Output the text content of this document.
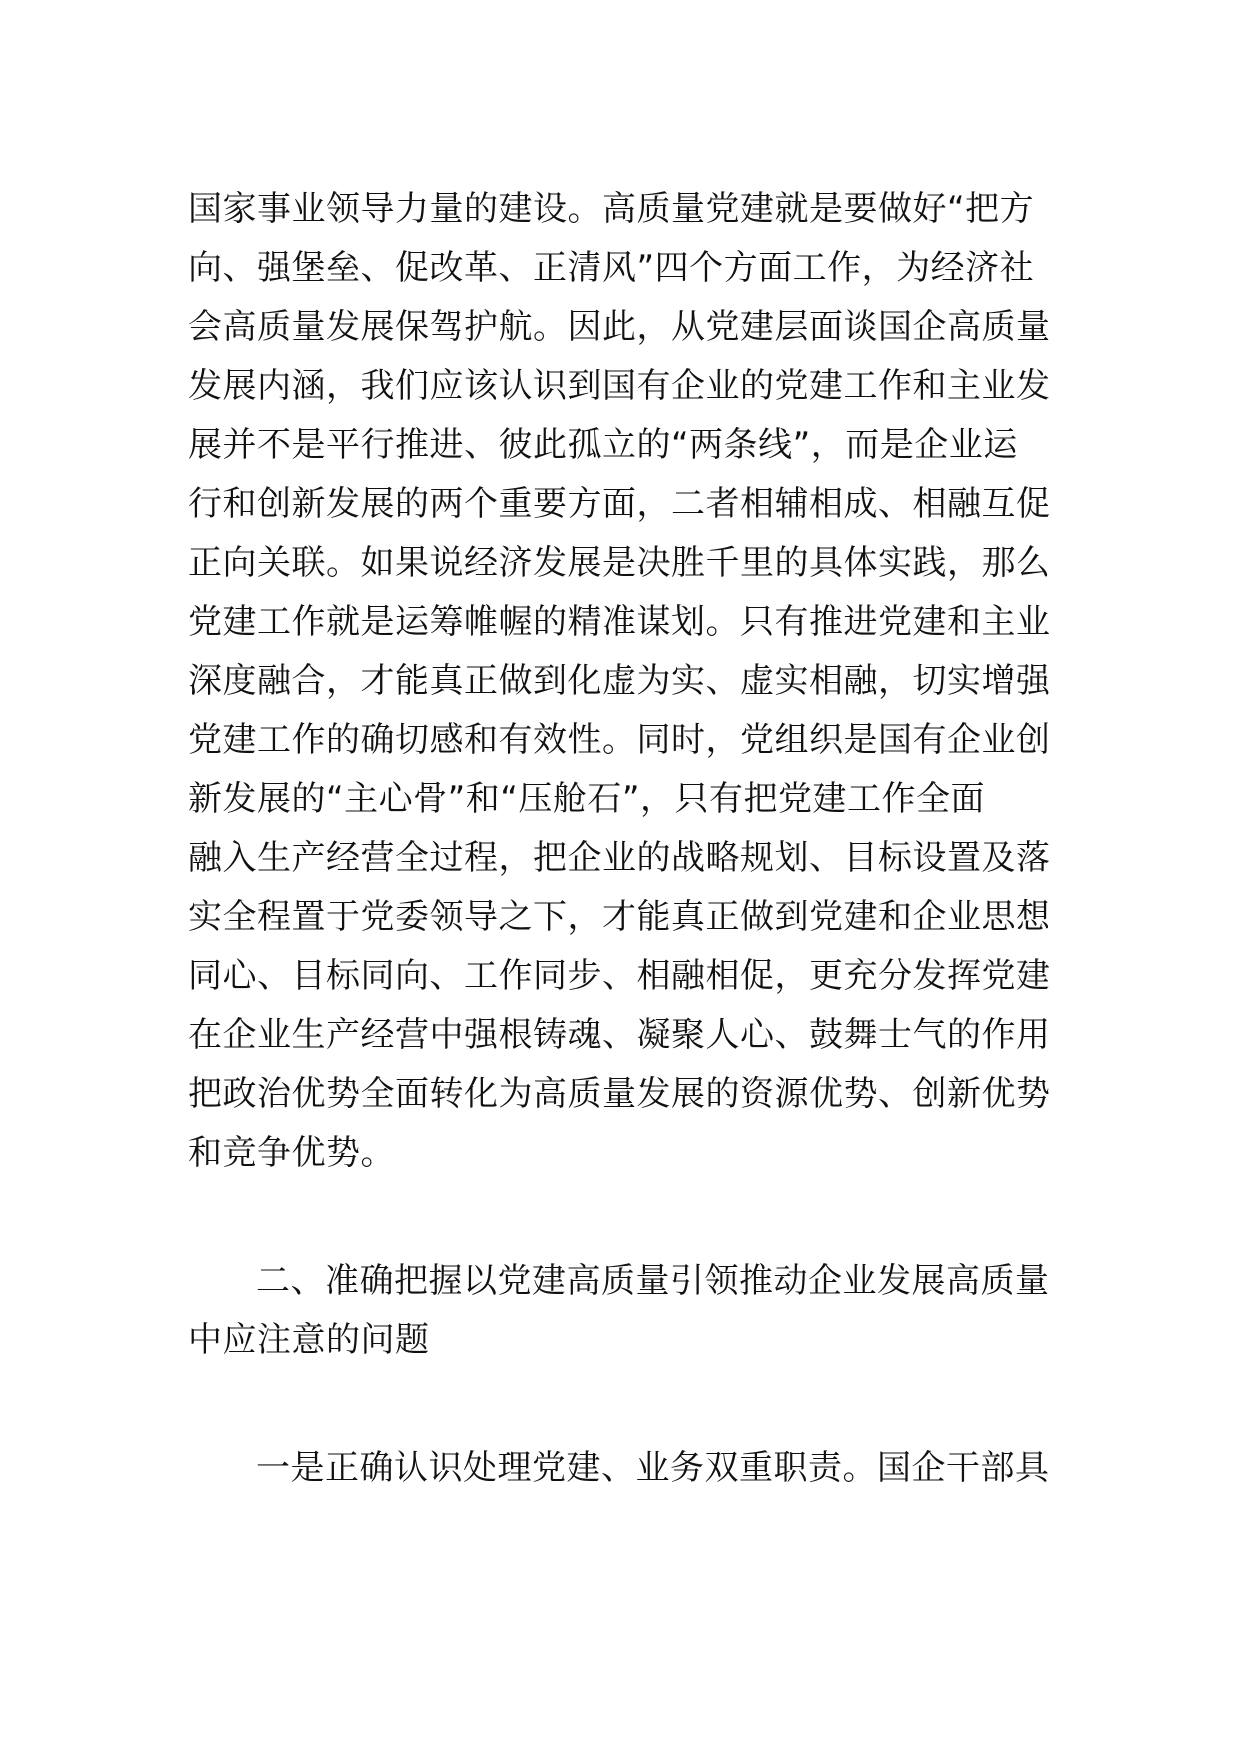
国家事业领导力量的建设。高质量党建就是要做好“把方
向、强堡垒、促改革、正清风”四个方面工作，为经济社
会高质量发展保驾护航。因此，从党建层面谈国企高质量
发展内涵，我们应该认识到国有企业的党建工作和主业发
展并不是平行推进、彼此孤立的“两条线”，而是企业运
行和创新发展的两个重要方面，二者相辅相成、相融互促
正向关联。如果说经济发展是决胜千里的具体实践，那么
党建工作就是运筹帷幄的精准谋划。只有推进党建和主业
深度融合，才能真正做到化虚为实、虚实相融，切实增强
党建工作的确切感和有效性。同时，党组织是国有企业创
新发展的“主心骨”和“压舱石”，只有把党建工作全面
融入生产经营全过程，把企业的战略规划、目标设置及落
实全程置于党委领导之下，才能真正做到党建和企业思想
同心、目标同向、工作同步、相融相促，更充分发挥党建
在企业生产经营中强根铸魂、凝聚人心、鼓舞士气的作用
把政治优势全面转化为高质量发展的资源优势、创新优势
和竞争优势。
二、准确把握以党建高质量引领推动企业发展高质量
中应注意的问题
一是正确认识处理党建、业务双重职责。国企干部具
